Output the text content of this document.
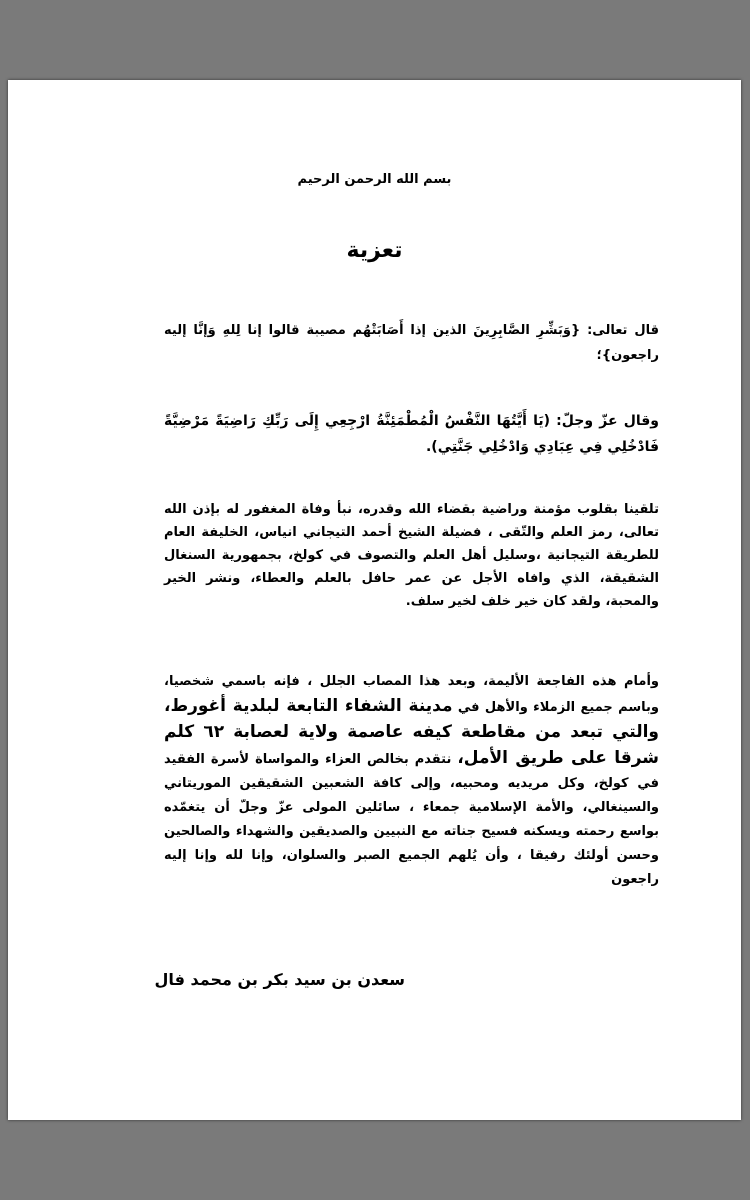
بسم الله الرحمن الرحيم
تعزية
قال تعالى: {وَبَشِّرِ الصَّابِرِينَ الذين إذا أَصَابَتْهُم مصيبة قالوا إنا لِلهِ وَإنَّا إليه راجعون}؛
وقال عزّ وجلّ: (يَا أَيَّتُهَا النَّفْسُ الْمُطْمَئِنَّةُ ارْجِعِي إِلَى رَبِّكِ رَاضِيَةً مَرْضِيَّةً فَادْخُلِي فِي عِبَادِي وَادْخُلِي جَنَّتِي).
تلقينا بقلوب مؤمنة وراضية بقضاء الله وقدره، نبأ وفاة المغفور له بإذن الله تعالى، رمز العلم والتّقى ، فضيلة الشيخ أحمد التيجاني انياس، الخليفة العام للطريقة التيجانية ،وسليل أهل العلم والتصوف في كولخ، بجمهورية السنغال الشقيقة، الذي وافاه الأجل عن عمر حافل بالعلم والعطاء، ونشر الخير والمحبة، ولقد كان خير خلف لخير سلف.
وأمام هذه الفاجعة الأليمة، وبعد هذا المصاب الجلل ، فإنه باسمي شخصيا، وباسم جميع الزملاء والأهل في مدينة الشفاء التابعة لبلدية أغورط، والتي تبعد من مقاطعة كيفه عاصمة ولاية لعصابة ٦٢ كلم شرقا على طريق الأمل، نتقدم بخالص العزاء والمواساة لأسرة الفقيد في كولخ، وكل مريديه ومحبيه، وإلى كافة الشعبين الشقيقين الموريتاني والسينغالي، والأمة الإسلامية جمعاء ، سائلين المولى عزّ وجلّ أن يتغمّده بواسع رحمته ويسكنه فسيح جناته مع النبيين والصديقين والشهداء والصالحين وحسن أولئك رفيقا ، وأن يُلهم الجميع الصبر والسلوان، وإنا لله وإنا إليه راجعون
سعدن بن سيد بكر بن محمد فال
